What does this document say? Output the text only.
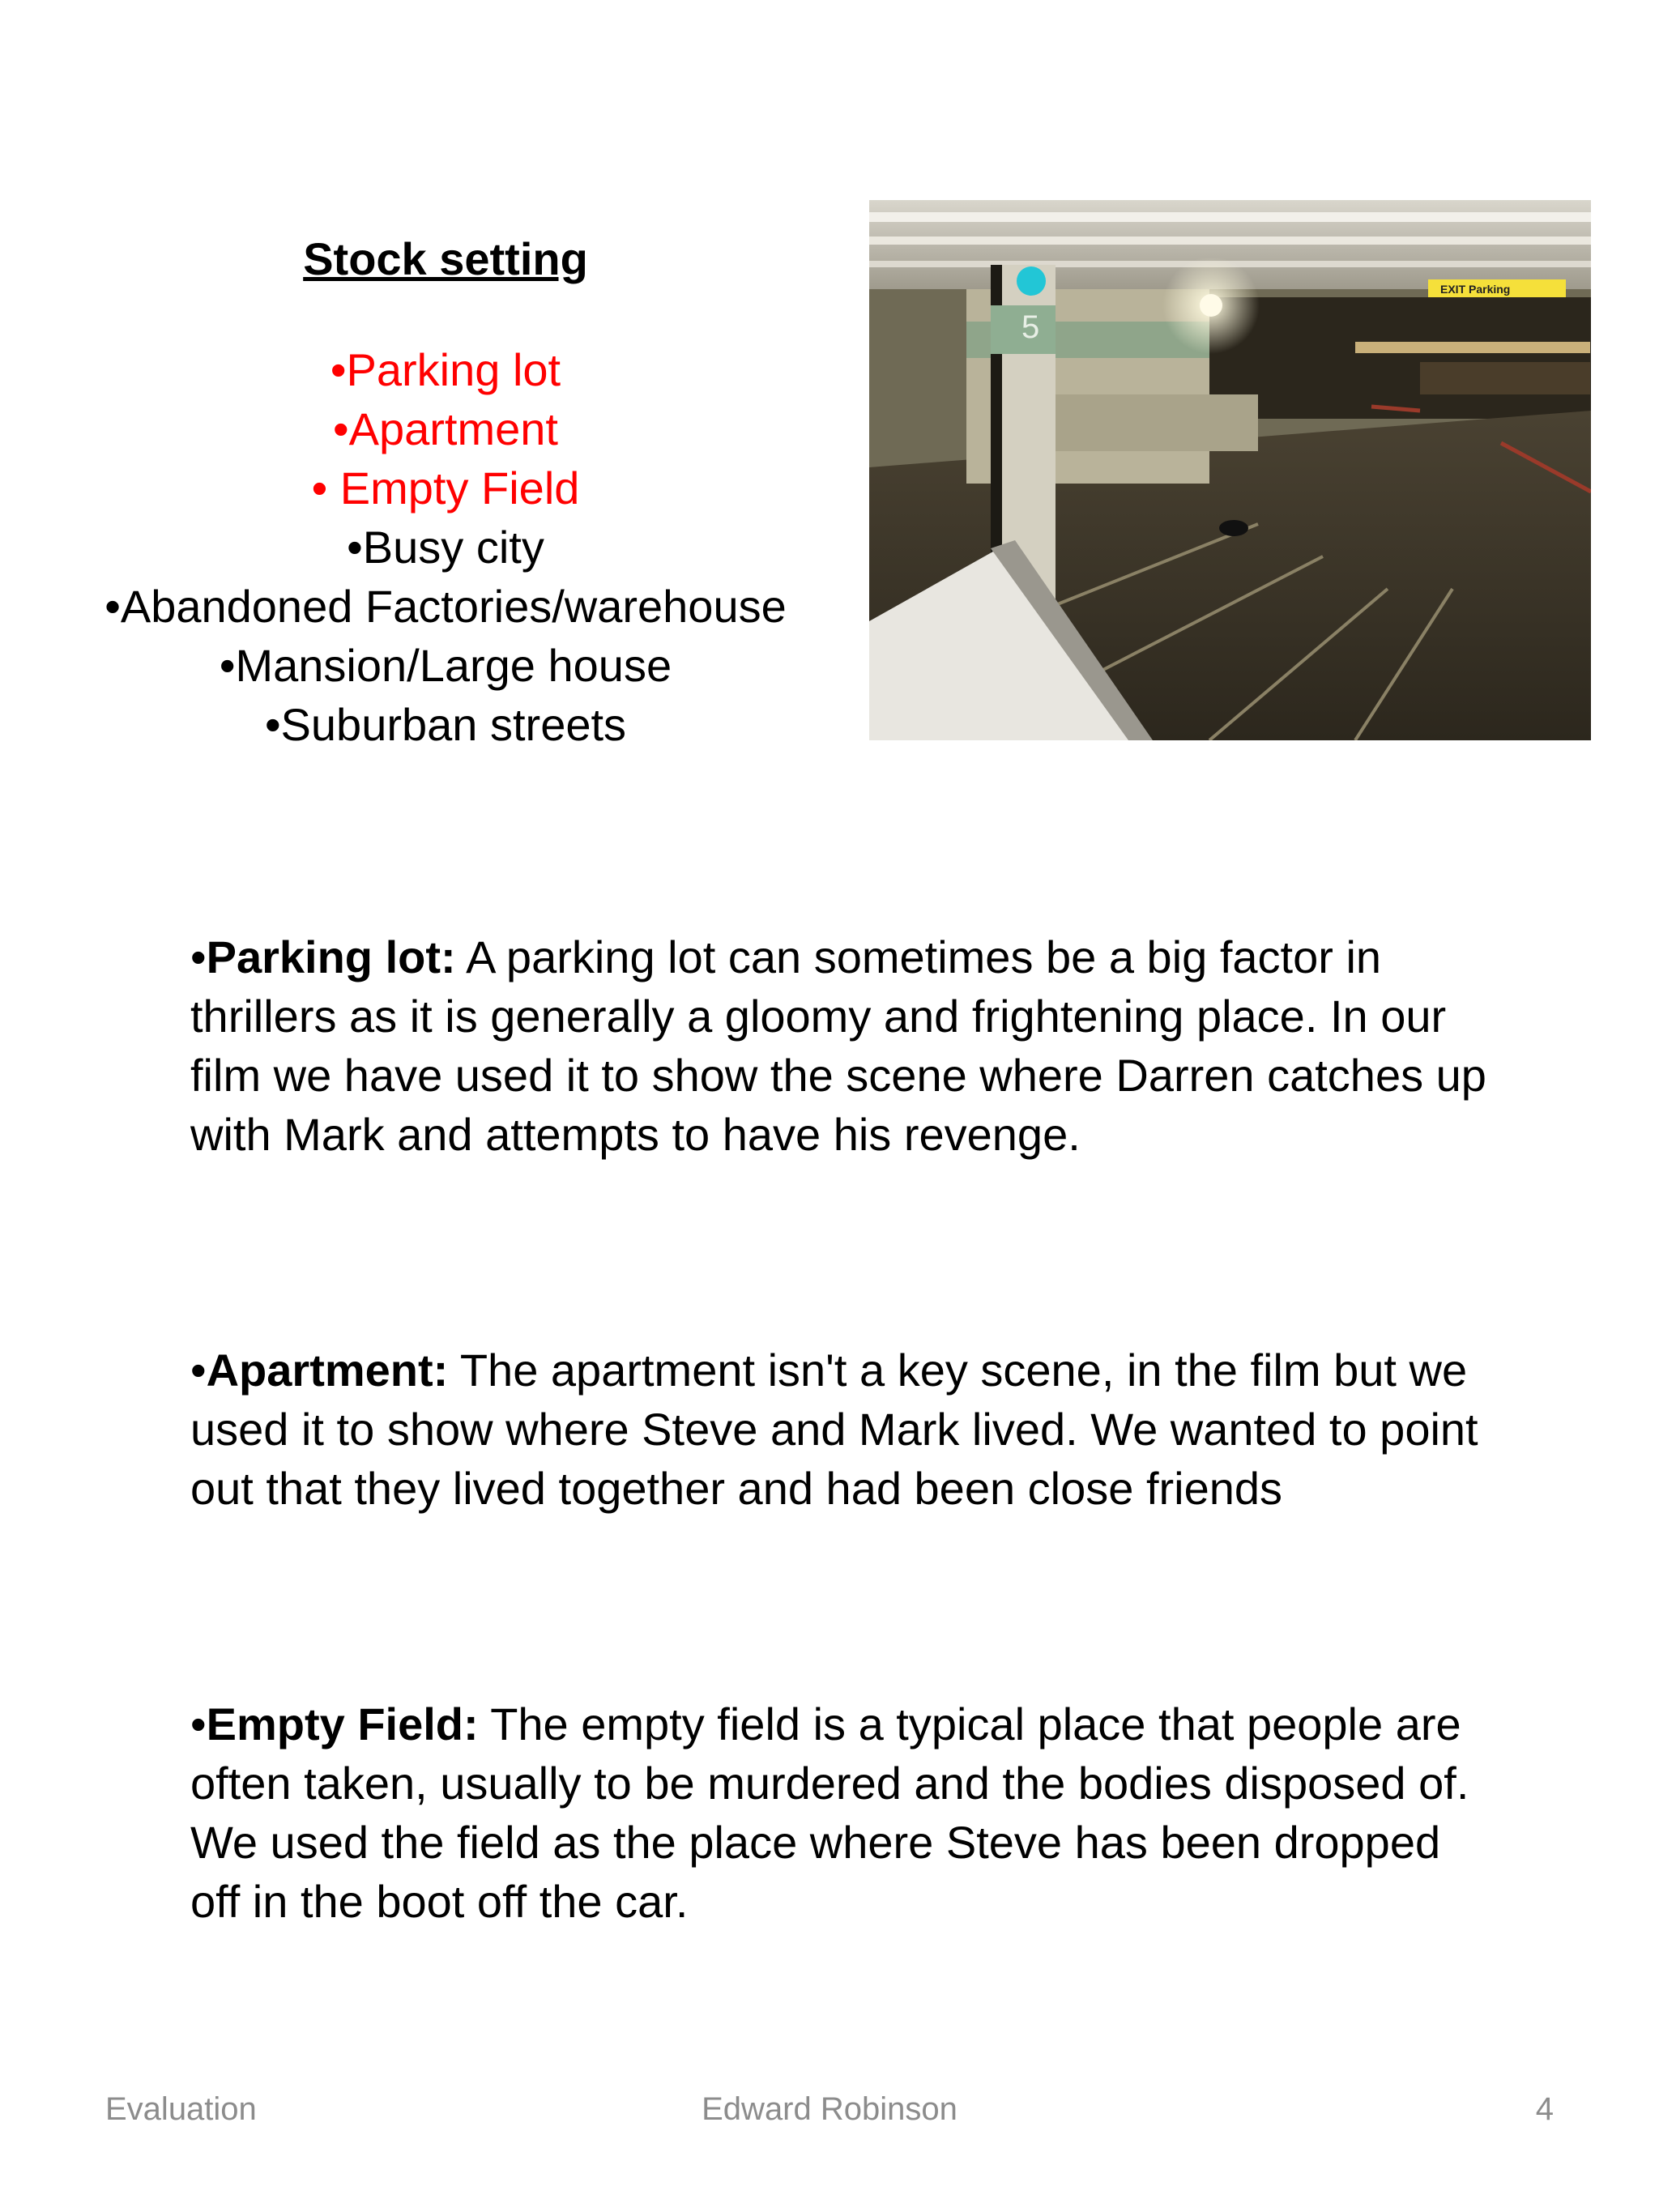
Stock setting
•Parking lot
•Apartment
• Empty Field
•Busy city
•Abandoned Factories/warehouse
•Mansion/Large house
•Suburban streets
5
EXIT Parking

•Parking lot: A parking lot can sometimes be a big factor in thrillers as it is generally a gloomy and frightening place. In our film we have used it to show the scene where Darren catches up with Mark and attempts to have his revenge.

•Apartment: The apartment isn't a key scene, in the film but we used it to show where Steve and Mark lived. We wanted to point out that they lived together and had been close friends

•Empty Field: The empty field is a typical place that people are often taken, usually to be murdered and the bodies disposed of. We used the field as the place where Steve has been dropped off in the boot off the car.

Evaluation	Edward Robinson	4
